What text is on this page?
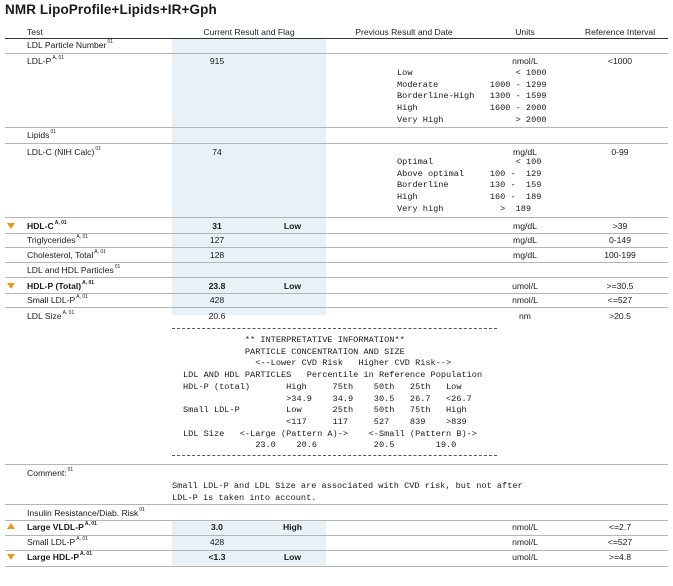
NMR LipoProfile+Lipids+IR+Gph
Test	Current Result and Flag	Previous Result and Date	Units	Reference Interval
LDL Particle Number$^{01}$
LDL-$P^{A, 01}$	915	nmol/L	<1000
Low                    < 1000
Moderate          1000 - 1299
Borderline-High   1300 - 1599
High              1600 - 2000
Very High              > 2000
Lipids$^{01}$
LDL-C (NIH Calc)$^{01}$	74	mg/dL	0-99
Optimal                < 100
Above optimal     100 -  129
Borderline        130 -  159
High              160 -  189
Very high           >  189
HDL-$C^{A, 01}$	31	Low	mg/dL	>39
Triglycerides$^{A, 01}$	127	mg/dL	0-149
Cholesterol, Total$^{A, 01}$	128	mg/dL	100-199
LDL and HDL Particles$^{01}$
HDL-P (Total)$^{A, 01}$	23.8	Low	umol/L	>=30.5
Small LDL-$P^{A, 01}$	428	nmol/L	<=527
LDL Size$^{A, 01}$	20.6	nm	>20.5
** INTERPRETATIVE INFORMATION**
PARTICLE CONCENTRATION AND SIZE
<--Lower CVD Risk   Higher CVD Risk-->
LDL AND HDL PARTICLES   Percentile in Reference Population
HDL-P (total)       High     75th    50th   25th   Low
>34.9    34.9    30.5   26.7   <26.7
Small LDL-P         Low      25th    50th   75th   High
<117     117     527    839    >839
LDL Size   <-Large (Pattern A)->    <-Small (Pattern B)->
23.0    20.6           20.5        19.0
Comment:$^{01}$
Small LDL-P and LDL Size are associated with CVD risk, but not after
LDL-P is taken into account.
Insulin Resistance/Diab. Risk$^{01}$
Large VLDL-$P^{A, 01}$	3.0	High	nmol/L	<=2.7
Small LDL-$P^{A, 01}$	428	nmol/L	<=527
Large HDL-$P^{A, 01}$	<1.3	Low	umol/L	>=4.8
